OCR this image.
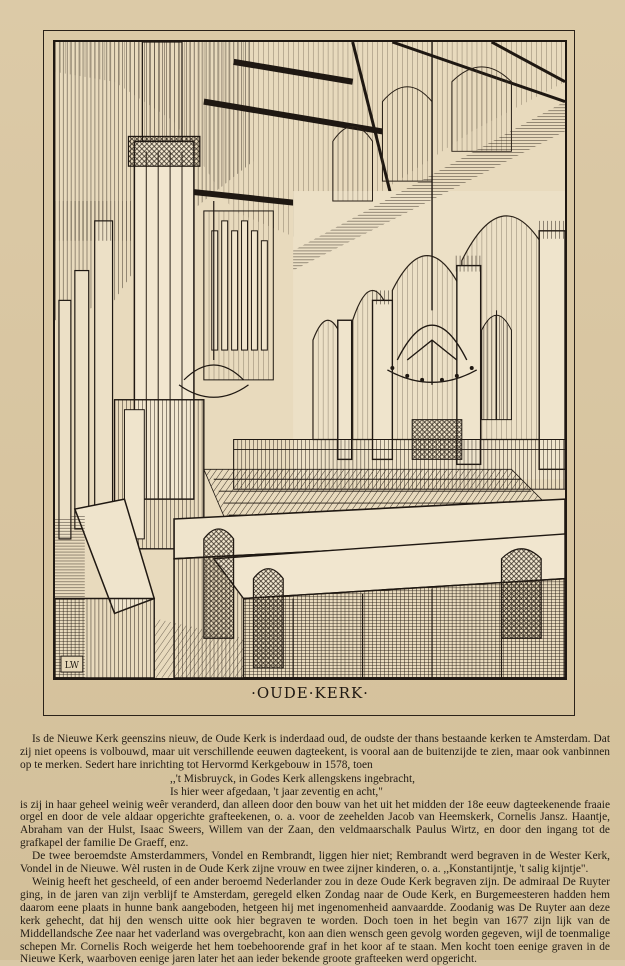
LW
·OUDE·KERK·

Is de Nieuwe Kerk geenszins nieuw, de Oude Kerk is inderdaad oud, de oudste der thans bestaande kerken te Amsterdam. Dat zij niet opeens is volbouwd, maar uit verschillende eeuwen dagteekent, is vooral aan de buitenzijde te zien, maar ook vanbinnen op te merken. Sedert hare inrichting tot Hervormd Kerkgebouw in 1578, toen

,,'t Misbruyck, in Godes Kerk allengskens ingebracht,
Is hier weer afgedaan, 't jaar zeventig en acht,"

is zij in haar geheel weinig weêr veranderd, dan alleen door den bouw van het uit het midden der 18e eeuw dagteekenende fraaie orgel en door de vele aldaar opgerichte grafteekenen, o. a. voor de zeehelden Jacob van Heemskerk, Cornelis Jansz. Haantje, Abraham van der Hulst, Isaac Sweers, Willem van der Zaan, den veldmaarschalk Paulus Wirtz, en door den ingang tot de grafkapel der familie De Graeff, enz.

De twee beroemdste Amsterdammers, Vondel en Rembrandt, liggen hier niet; Rembrandt werd begraven in de Wester Kerk, Vondel in de Nieuwe. Wèl rusten in de Oude Kerk zijne vrouw en twee zijner kinderen, o. a. ,,Konstantijntje, 't salig kijntje".

Weinig heeft het gescheeld, of een ander beroemd Nederlander zou in deze Oude Kerk begraven zijn. De admiraal De Ruyter ging, in de jaren van zijn verblijf te Amsterdam, geregeld elken Zondag naar de Oude Kerk, en Burgemeesteren hadden hem daarom eene plaats in hunne bank aangeboden, hetgeen hij met ingenomenheid aanvaardde. Zoodanig was De Ruyter aan deze kerk gehecht, dat hij den wensch uitte ook hier begraven te worden. Doch toen in het begin van 1677 zijn lijk van de Middellandsche Zee naar het vaderland was overgebracht, kon aan dien wensch geen gevolg worden gegeven, wijl de toenmalige schepen Mr. Cornelis Roch weigerde het hem toebehoorende graf in het koor af te staan. Men kocht toen eenige graven in de Nieuwe Kerk, waarboven eenige jaren later het aan ieder bekende groote grafteeken werd opgericht.
